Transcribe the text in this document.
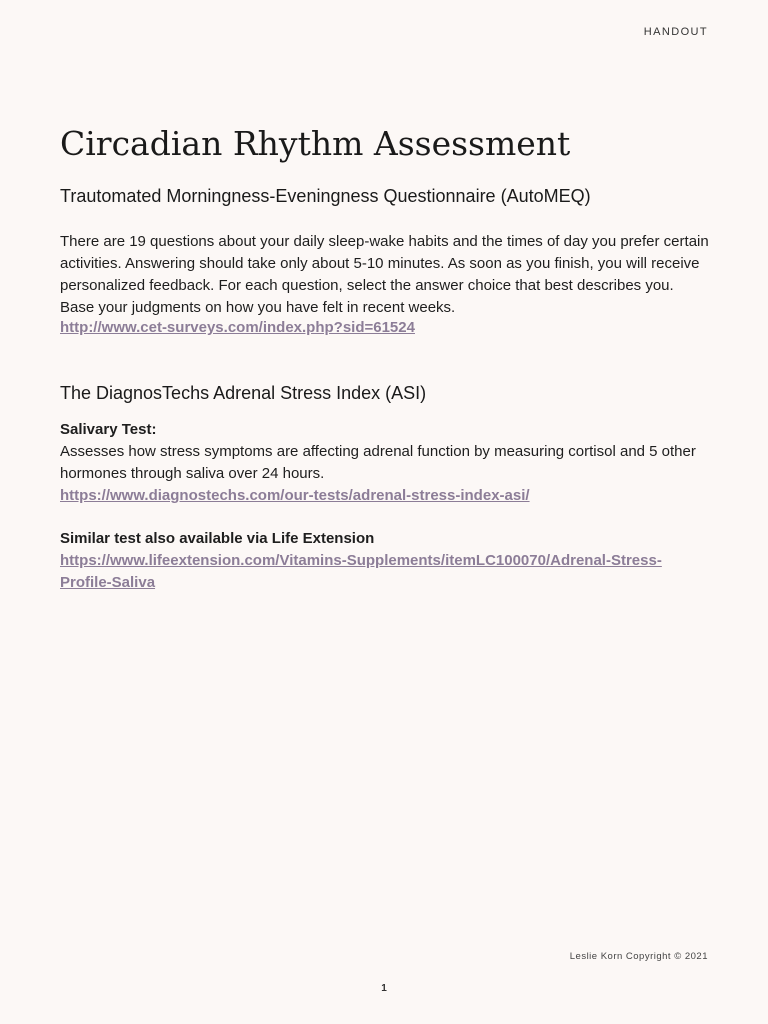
HANDOUT
Circadian Rhythm Assessment
Trautomated Morningness-Eveningness Questionnaire (AutoMEQ)

There are 19 questions about your daily sleep-wake habits and the times of day you prefer certain activities. Answering should take only about 5-10 minutes. As soon as you finish, you will receive personalized feedback. For each question, select the answer choice that best describes you. Base your judgments on how you have felt in recent weeks.

http://www.cet-surveys.com/index.php?sid=61524

The DiagnosTechs Adrenal Stress Index (ASI)

Salivary Test:
Assesses how stress symptoms are affecting adrenal function by measuring cortisol and 5 other hormones through saliva over 24 hours.
https://www.diagnostechs.com/our-tests/adrenal-stress-index-asi/

Similar test also available via Life Extension
https://www.lifeextension.com/Vitamins-Supplements/itemLC100070/Adrenal-Stress-Profile-Saliva

Leslie Korn Copyright © 2021
1
